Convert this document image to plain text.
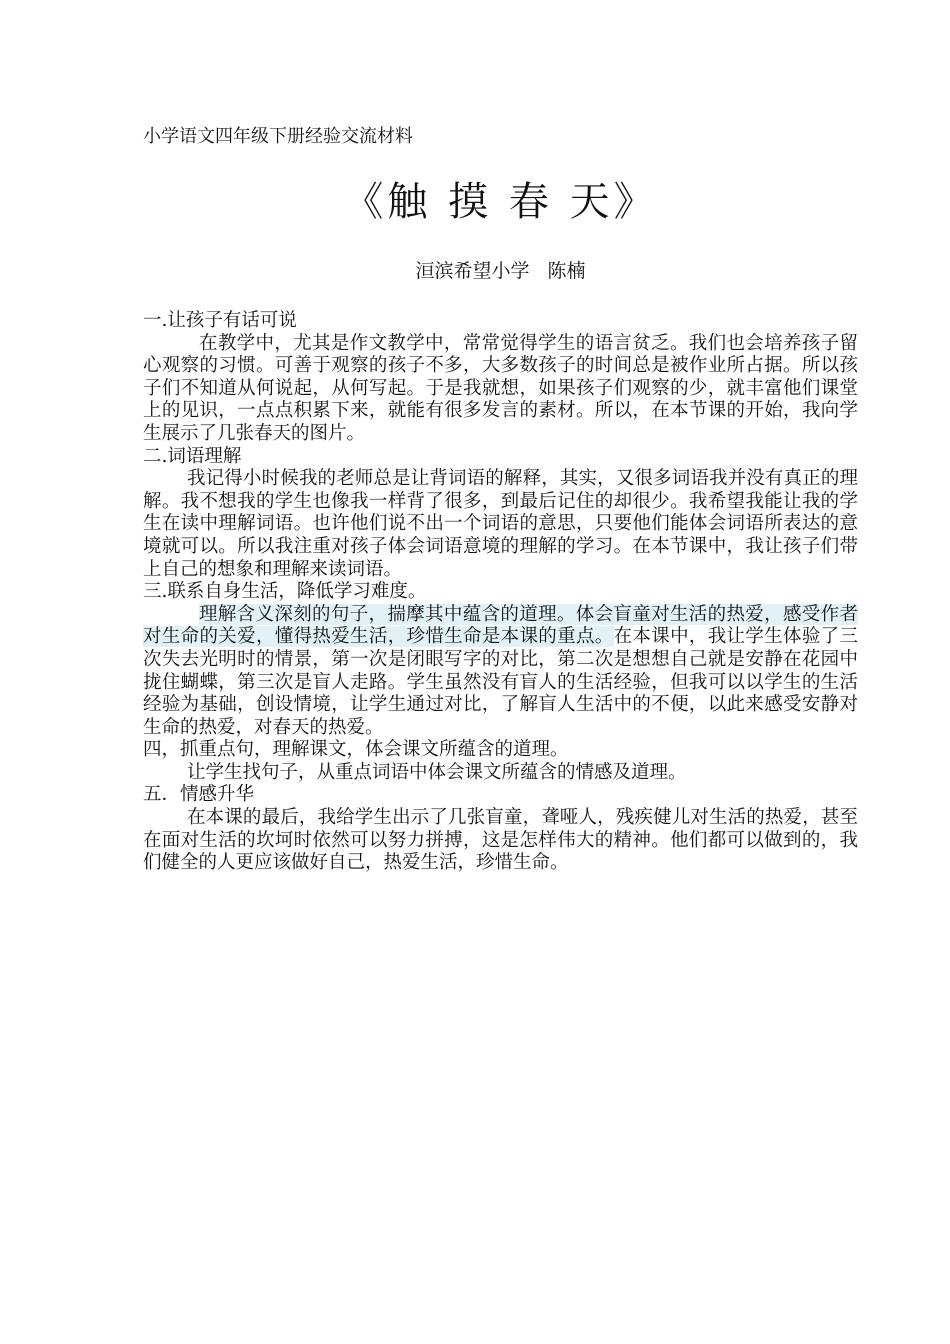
小学语文四年级下册经验交流材料

《触 摸 春 天》

洹滨希望小学 陈楠

一.让孩子有话可说

在教学中，尤其是作文教学中，常常觉得学生的语言贫乏。我们也会培养孩子留心观察的习惯。可善于观察的孩子不多，大多数孩子的时间总是被作业所占据。所以孩子们不知道从何说起，从何写起。于是我就想，如果孩子们观察的少，就丰富他们课堂上的见识，一点点积累下来，就能有很多发言的素材。所以，在本节课的开始，我向学生展示了几张春天的图片。

二.词语理解

我记得小时候我的老师总是让背词语的解释，其实，又很多词语我并没有真正的理解。我不想我的学生也像我一样背了很多，到最后记住的却很少。我希望我能让我的学生在读中理解词语。也许他们说不出一个词语的意思，只要他们能体会词语所表达的意境就可以。所以我注重对孩子体会词语意境的理解的学习。在本节课中，我让孩子们带上自己的想象和理解来读词语。

三.联系自身生活，降低学习难度。

理解含义深刻的句子，揣摩其中蕴含的道理。体会盲童对生活的热爱，感受作者对生命的关爱，懂得热爱生活，珍惜生命是本课的重点。在本课中，我让学生体验了三次失去光明时的情景，第一次是闭眼写字的对比，第二次是想想自己就是安静在花园中拢住蝴蝶，第三次是盲人走路。学生虽然没有盲人的生活经验，但我可以以学生的生活经验为基础，创设情境，让学生通过对比，了解盲人生活中的不便，以此来感受安静对生命的热爱，对春天的热爱。

四，抓重点句，理解课文，体会课文所蕴含的道理。

让学生找句子，从重点词语中体会课文所蕴含的情感及道理。

五．情感升华

在本课的最后，我给学生出示了几张盲童，聋哑人，残疾健儿对生活的热爱，甚至在面对生活的坎坷时依然可以努力拼搏，这是怎样伟大的精神。他们都可以做到的，我们健全的人更应该做好自己，热爱生活，珍惜生命。
